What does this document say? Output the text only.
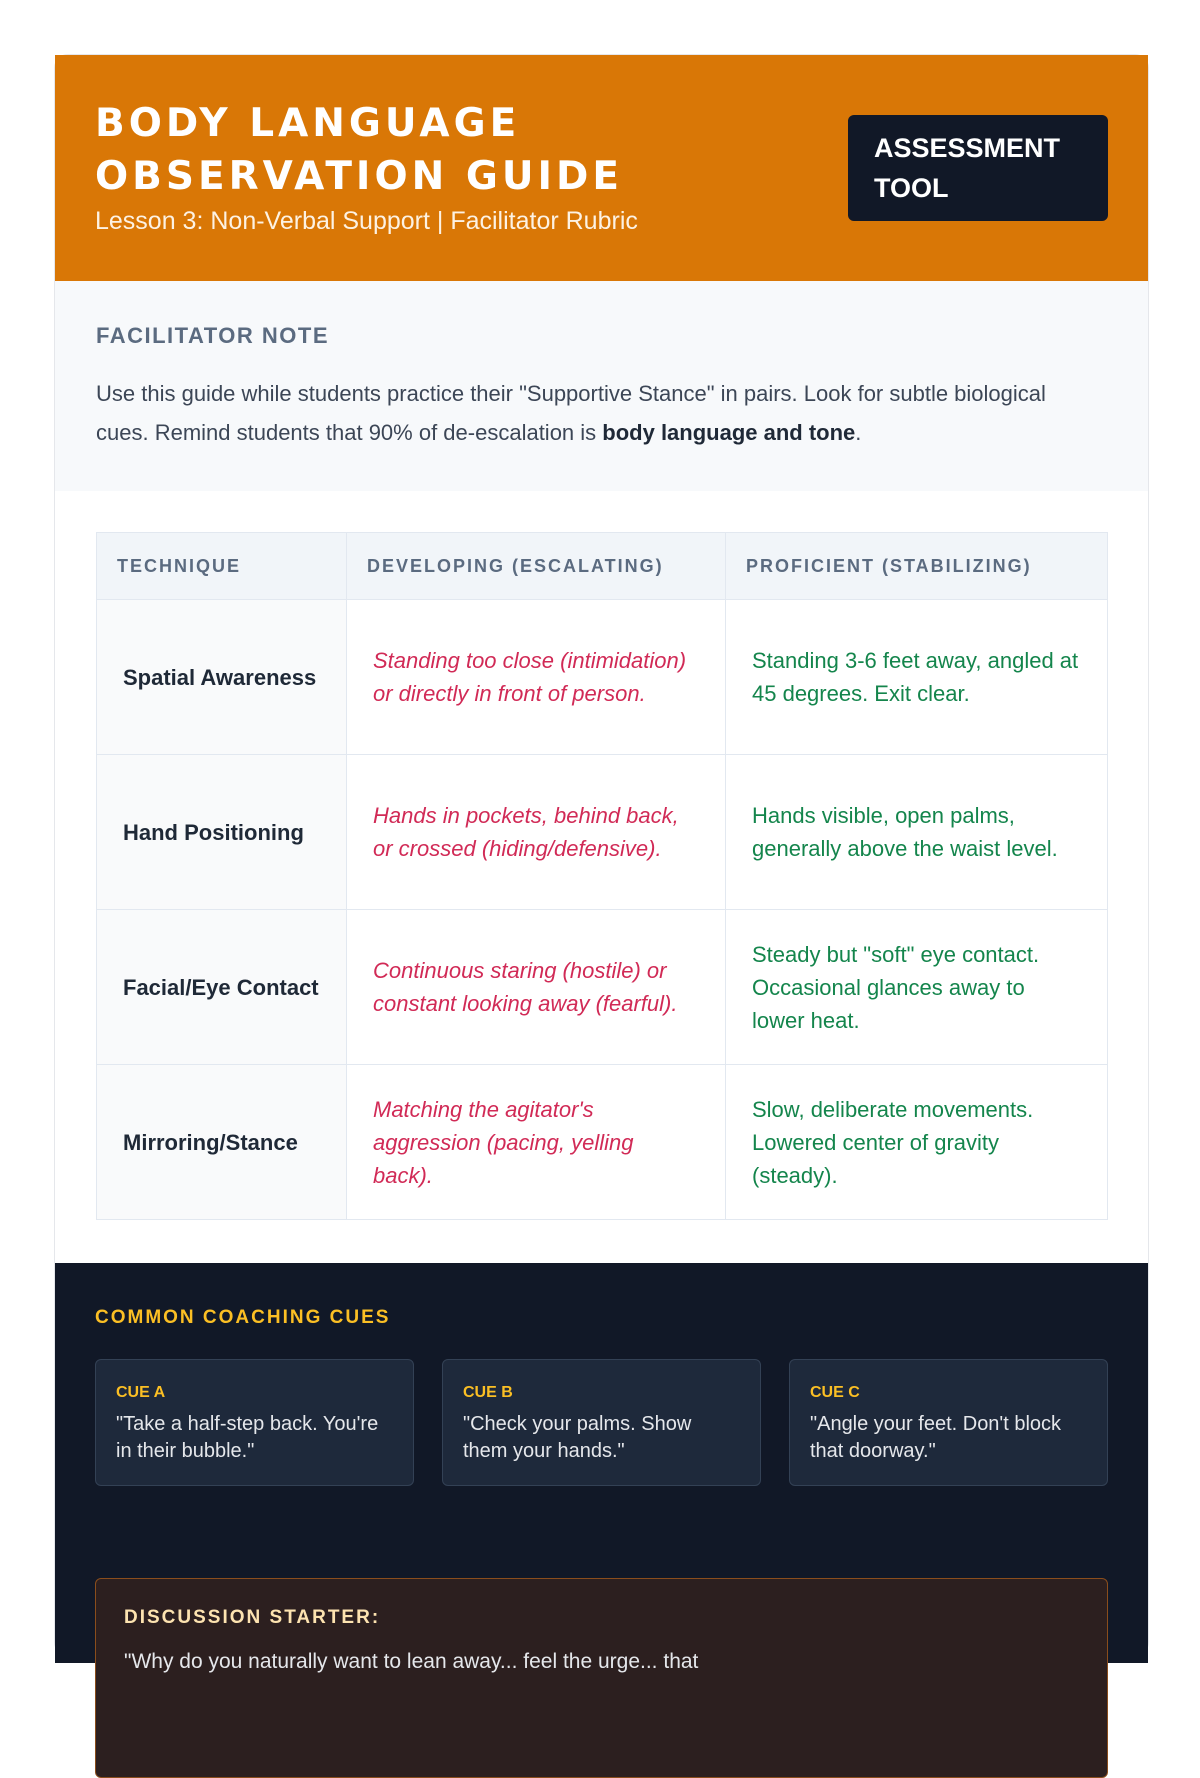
BODY LANGUAGE OBSERVATION GUIDE
Lesson 3: Non-Verbal Support | Facilitator Rubric
ASSESSMENT TOOL
FACILITATOR NOTE
Use this guide while students practice their "Supportive Stance" in pairs. Look for subtle biological cues. Remind students that 90% of de-escalation is body language and tone.
TECHNIQUE	DEVELOPING (ESCALATING)	PROFICIENT (STABILIZING)
Spatial Awareness	Standing too close (intimidation) or directly in front of person.	Standing 3-6 feet away, angled at 45 degrees. Exit clear.
Hand Positioning	Hands in pockets, behind back, or crossed (hiding/defensive).	Hands visible, open palms, generally above the waist level.
Facial/Eye Contact	Continuous staring (hostile) or constant looking away (fearful).	Steady but "soft" eye contact. Occasional glances away to lower heat.
Mirroring/Stance	Matching the agitator's aggression (pacing, yelling back).	Slow, deliberate movements. Lowered center of gravity (steady).
COMMON COACHING CUES
CUE A
"Take a half-step back. You're in their bubble."
CUE B
"Check your palms. Show them your hands."
CUE C
"Angle your feet. Don't block that doorway."
DISCUSSION STARTER:
"Why do you naturally want to lean away... feel the urge... that
